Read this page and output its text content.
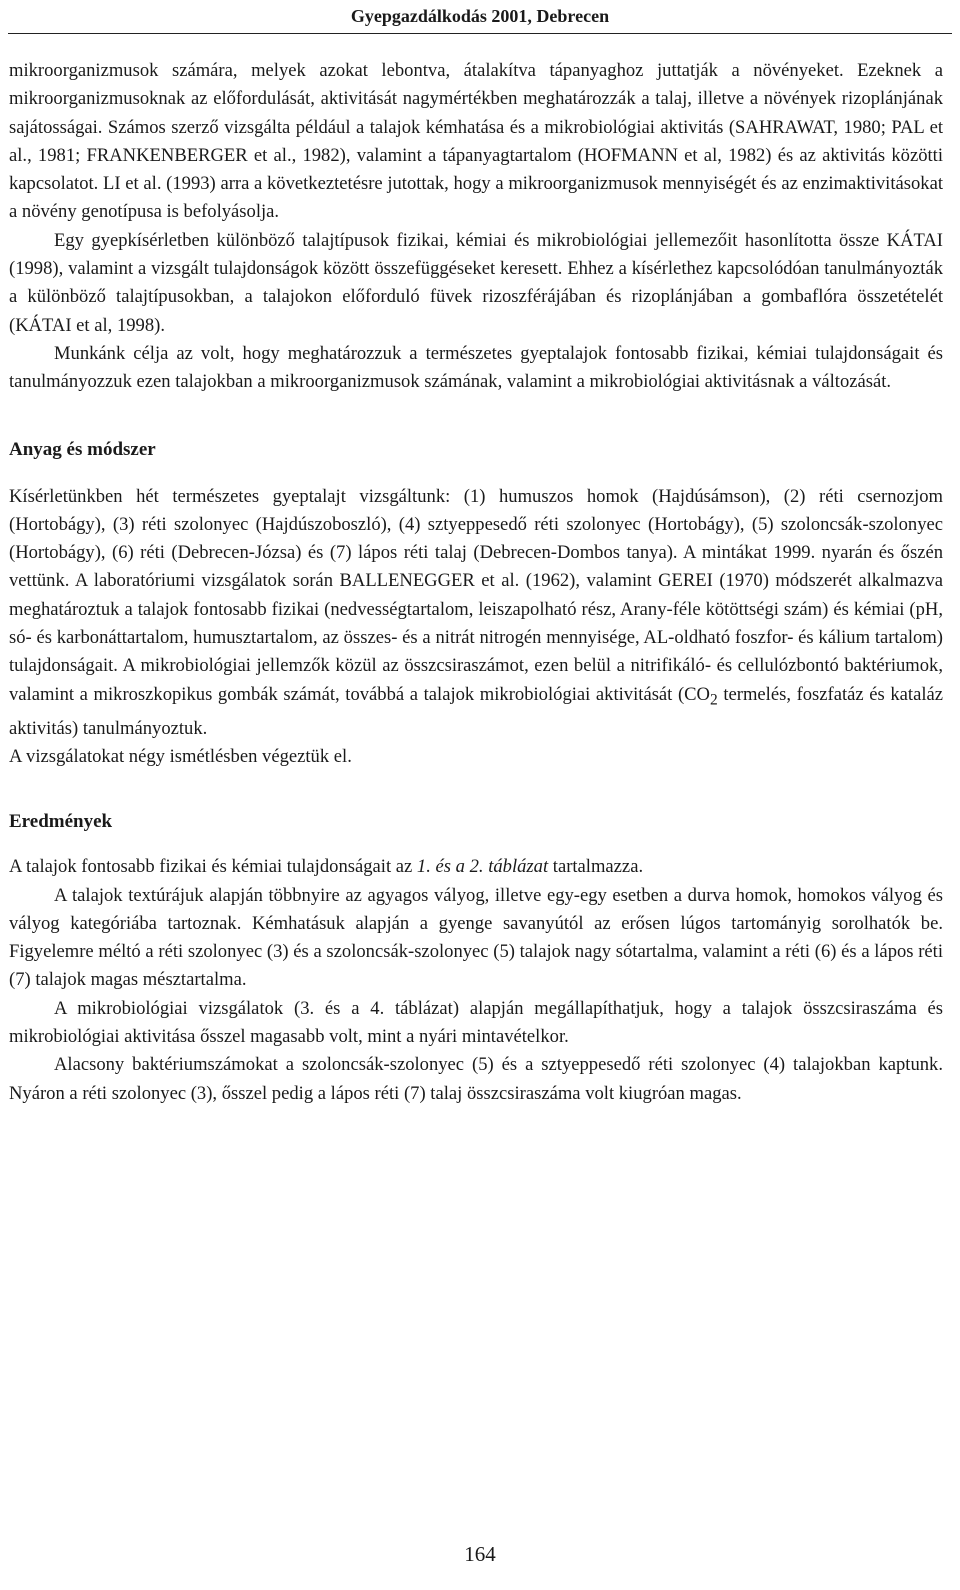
Gyepgazdálkodás 2001, Debrecen

mikroorganizmusok számára, melyek azokat lebontva, átalakítva tápanyaghoz juttatják a növényeket. Ezeknek a mikroorganizmusoknak az előfordulását, aktivitását nagymértékben meghatározzák a talaj, illetve a növények rizoplánjának sajátosságai. Számos szerző vizsgálta például a talajok kémhatása és a mikrobiológiai aktivitás (SAHRAWAT, 1980; PAL et al., 1981; FRANKENBERGER et al., 1982), valamint a tápanyagtartalom (HOFMANN et al, 1982) és az aktivitás közötti kapcsolatot. LI et al. (1993) arra a következtetésre jutottak, hogy a mikroorganizmusok mennyiségét és az enzimaktivitásokat a növény genotípusa is befolyásolja.

Egy gyepkísérletben különböző talajtípusok fizikai, kémiai és mikrobiológiai jellemezőit hasonlította össze KÁTAI (1998), valamint a vizsgált tulajdonságok között összefüggéseket keresett. Ehhez a kísérlethez kapcsolódóan tanulmányozták a különböző talajtípusokban, a talajokon előforduló füvek rizoszférájában és rizoplánjában a gombaflóra összetételét (KÁTAI et al, 1998).

Munkánk célja az volt, hogy meghatározzuk a természetes gyeptalajok fontosabb fizikai, kémiai tulajdonságait és tanulmányozzuk ezen talajokban a mikroorganizmusok számának, valamint a mikrobiológiai aktivitásnak a változását.

Anyag és módszer

Kísérletünkben hét természetes gyeptalajt vizsgáltunk: (1) humuszos homok (Hajdúsámson), (2) réti csernozjom (Hortobágy), (3) réti szolonyec (Hajdúszoboszló), (4) sztyeppesedő réti szolonyec (Hortobágy), (5) szoloncsák-szolonyec (Hortobágy), (6) réti (Debrecen-Józsa) és (7) lápos réti talaj (Debrecen-Dombos tanya). A mintákat 1999. nyarán és őszén vettünk. A laboratóriumi vizsgálatok során BALLENEGGER et al. (1962), valamint GEREI (1970) módszerét alkalmazva meghatároztuk a talajok fontosabb fizikai (nedvességtartalom, leiszapolható rész, Arany-féle kötöttségi szám) és kémiai (pH, só- és karbonáttartalom, humusztartalom, az összes- és a nitrát nitrogén mennyisége, AL-oldható foszfor- és kálium tartalom) tulajdonságait. A mikrobiológiai jellemzők közül az összcsiraszámot, ezen belül a nitrifikáló- és cellulózbontó baktériumok, valamint a mikroszkopikus gombák számát, továbbá a talajok mikrobiológiai aktivitását ($CO_2$ termelés, foszfatáz és kataláz aktivitás) tanulmányoztuk.

A vizsgálatokat négy ismétlésben végeztük el.

Eredmények

A talajok fontosabb fizikai és kémiai tulajdonságait az 1. és a 2. táblázat tartalmazza.

A talajok textúrájuk alapján többnyire az agyagos vályog, illetve egy-egy esetben a durva homok, homokos vályog és vályog kategóriába tartoznak. Kémhatásuk alapján a gyenge savanyútól az erősen lúgos tartományig sorolhatók be. Figyelemre méltó a réti szolonyec (3) és a szoloncsák-szolonyec (5) talajok nagy sótartalma, valamint a réti (6) és a lápos réti (7) talajok magas mésztartalma.

A mikrobiológiai vizsgálatok (3. és a 4. táblázat) alapján megállapíthatjuk, hogy a talajok összcsiraszáma és mikrobiológiai aktivitása ősszel magasabb volt, mint a nyári mintavételkor.

Alacsony baktériumszámokat a szoloncsák-szolonyec (5) és a sztyeppesedő réti szolonyec (4) talajokban kaptunk. Nyáron a réti szolonyec (3), ősszel pedig a lápos réti (7) talaj összcsiraszáma volt kiugróan magas.

164
